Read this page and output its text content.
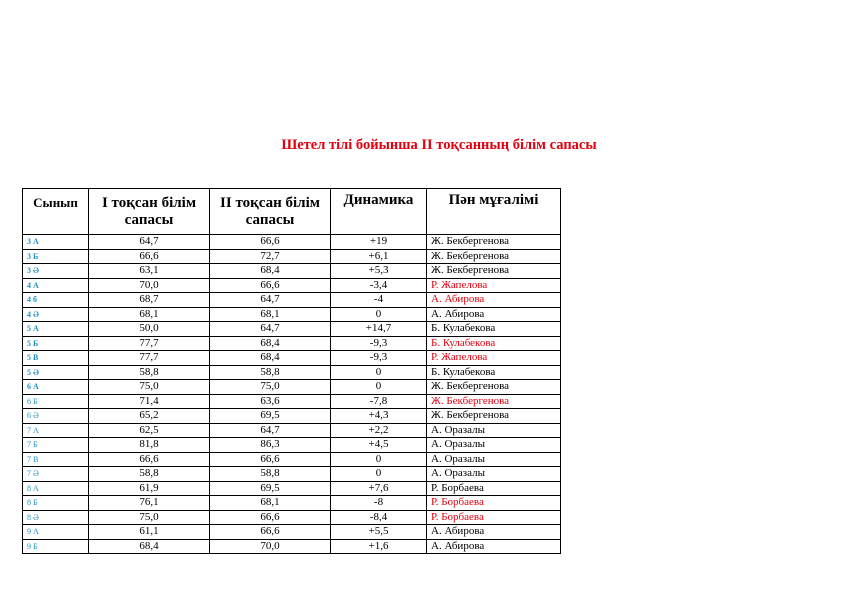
Шетел тілі бойынша ІІ тоқсанның білім сапасы
Сынып	І тоқсан білім сапасы	ІІ тоқсан білім сапасы	Динамика	Пән мұғалімі
3 А	64,7	66,6	+19	Ж. Бекбергенова
3 Б	66,6	72,7	+6,1	Ж. Бекбергенова
3 Ә	63,1	68,4	+5,3	Ж. Бекбергенова
4 А	70,0	66,6	-3,4	Р. Жапелова
4 б	68,7	64,7	-4	А. Абирова
4 Ә	68,1	68,1	0	А. Абирова
5 А	50,0	64,7	+14,7	Б. Кулабекова
5 Б	77,7	68,4	-9,3	Б. Кулабекова
5 В	77,7	68,4	-9,3	Р. Жапелова
5 Ә	58,8	58,8	0	Б. Кулабекова
6 А	75,0	75,0	0	Ж. Бекбергенова
6 Б	71,4	63,6	-7,8	Ж. Бекбергенова
6 Ә	65,2	69,5	+4,3	Ж. Бекбергенова
7 А	62,5	64,7	+2,2	А. Оразалы
7 Б	81,8	86,3	+4,5	А. Оразалы
7 В	66,6	66,6	0	А. Оразалы
7 Ә	58,8	58,8	0	А. Оразалы
8 А	61,9	69,5	+7,6	Р. Борбаева
8 Б	76,1	68,1	-8	Р. Борбаева
8 Ә	75,0	66,6	-8,4	Р. Борбаева
9 А	61,1	66,6	+5,5	А. Абирова
9 Б	68,4	70,0	+1,6	А. Абирова
